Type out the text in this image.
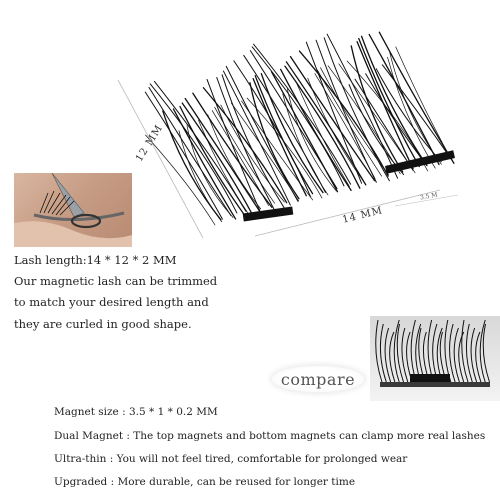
12 MM
14 MM
3.5 M
Lash length:14 * 12 * 2 MM
Our magnetic lash can be trimmed
to match your desired length and
they are curled in good shape.
compare
Magnet size : 3.5 * 1 * 0.2 MM
Dual Magnet : The top magnets and bottom magnets can clamp more real lashes
Ultra-thin : You will not feel tired, comfortable for prolonged wear
Upgraded : More durable, can be reused for longer time
